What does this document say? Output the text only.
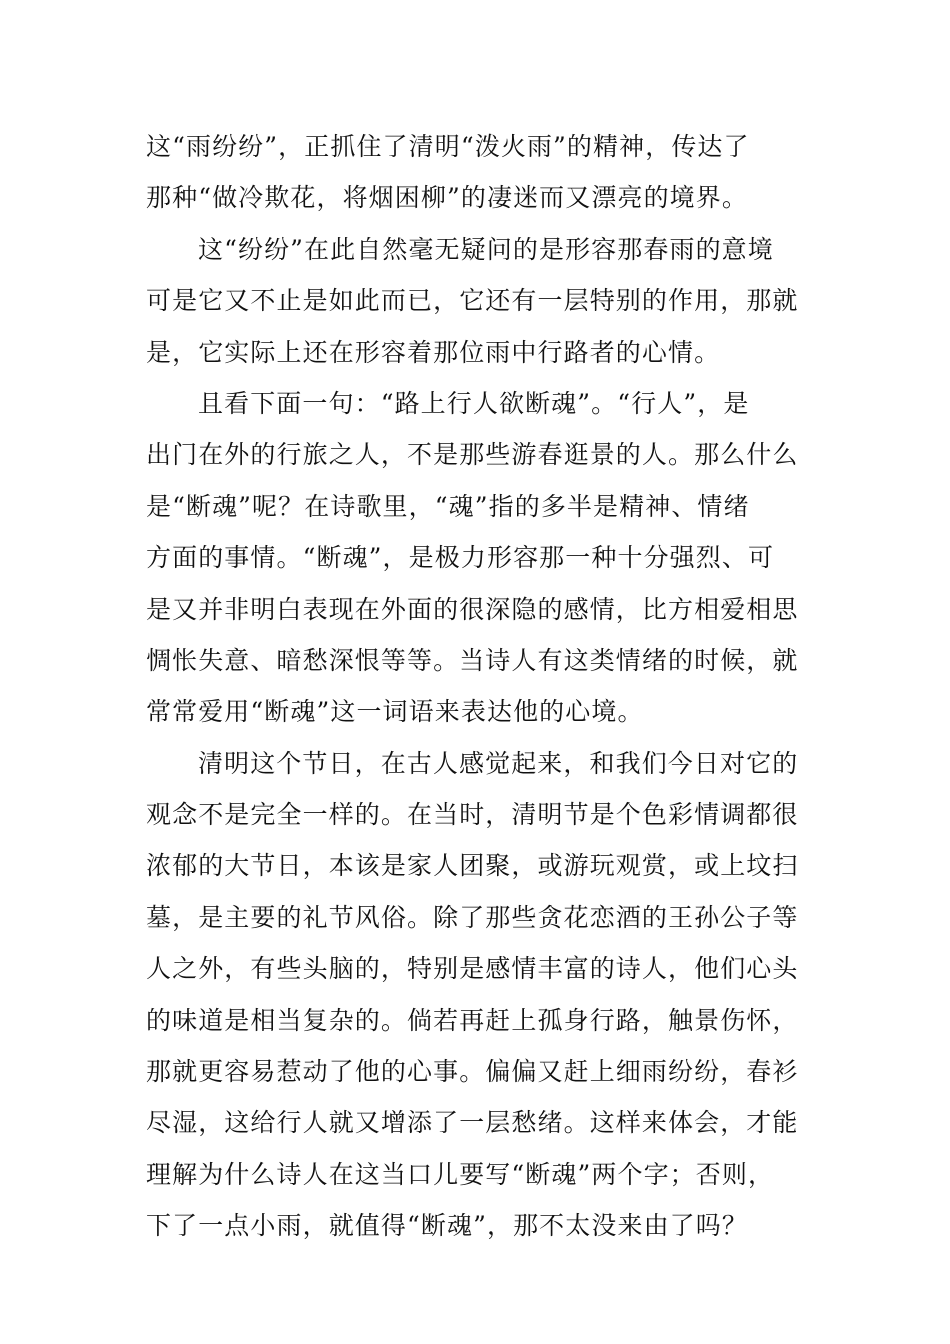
这“雨纷纷”，正抓住了清明“泼火雨”的精神，传达了
那种“做冷欺花，将烟困柳”的凄迷而又漂亮的境界。
这“纷纷”在此自然毫无疑问的是形容那春雨的意境
可是它又不止是如此而已，它还有一层特别的作用，那就
是，它实际上还在形容着那位雨中行路者的心情。
且看下面一句：“路上行人欲断魂”。“行人”，是
出门在外的行旅之人，不是那些游春逛景的人。那么什么
是“断魂”呢？在诗歌里，“魂”指的多半是精神、情绪
方面的事情。“断魂”，是极力形容那一种十分强烈、可
是又并非明白表现在外面的很深隐的感情，比方相爱相思
惆怅失意、暗愁深恨等等。当诗人有这类情绪的时候，就
常常爱用“断魂”这一词语来表达他的心境。
清明这个节日，在古人感觉起来，和我们今日对它的
观念不是完全一样的。在当时，清明节是个色彩情调都很
浓郁的大节日，本该是家人团聚，或游玩观赏，或上坟扫
墓，是主要的礼节风俗。除了那些贪花恋酒的王孙公子等
人之外，有些头脑的，特别是感情丰富的诗人，他们心头
的味道是相当复杂的。倘若再赶上孤身行路，触景伤怀，
那就更容易惹动了他的心事。偏偏又赶上细雨纷纷，春衫
尽湿，这给行人就又增添了一层愁绪。这样来体会，才能
理解为什么诗人在这当口儿要写“断魂”两个字；否则，
下了一点小雨，就值得“断魂”，那不太没来由了吗？
